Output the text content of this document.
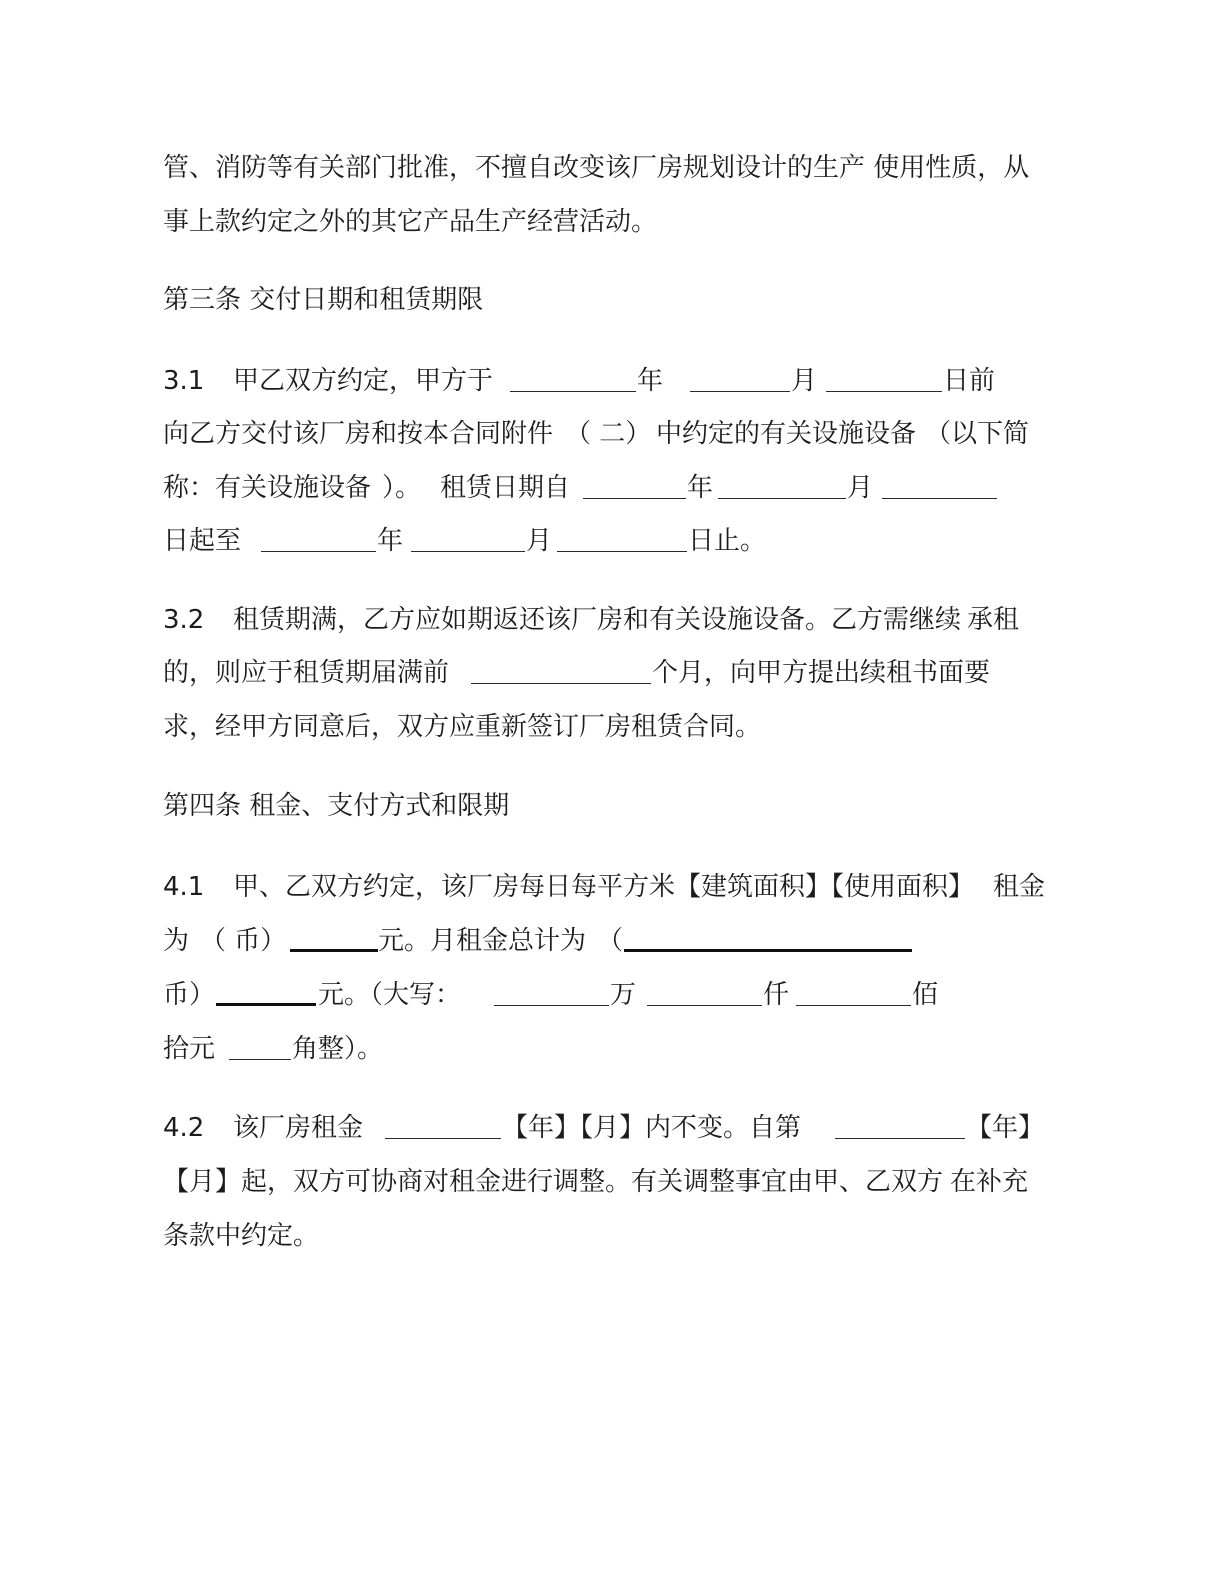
管、消防等有关部门批准，不擅自改变该厂房规划设计的生产 使用性质，从
事上款约定之外的其它产品生产经营活动。
第三条 交付日期和租赁期限
3.1 甲乙双方约定，甲方于	年	月	日前
向乙方交付该厂房和按本合同附件 （ 二） 中约定的有关设施设备 （以下简
称：有关设施设备 ）。 租赁日期自	年	月
日起至	年	月	日止。
3.2 租赁期满，乙方应如期返还该厂房和有关设施设备。乙方需继续 承租
的，则应于租赁期届满前	个月，向甲方提出续租书面要
求，经甲方同意后，双方应重新签订厂房租赁合同。
第四条 租金、支付方式和限期
4.1 甲、乙双方约定，该厂房每日每平方米【建筑面积】【使用面积】 租金
为 （ 币）	元。月租金总计为 （
币）	元。（大写：	万	仟	佰
拾元	角整）。
4.2 该厂房租金	【年】【月】内不变。自第	【年】
【月】起，双方可协商对租金进行调整。有关调整事宜由甲、乙双方 在补充
条款中约定。
